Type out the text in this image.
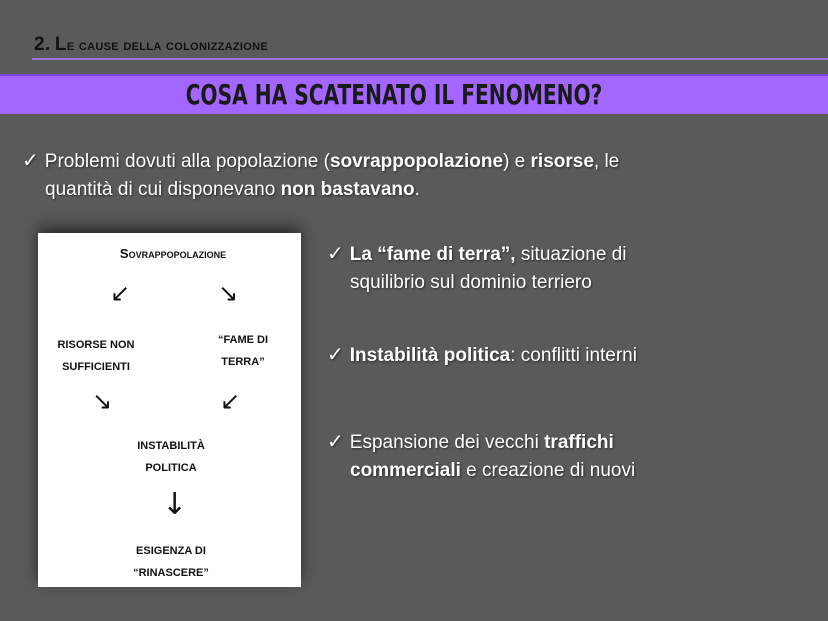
2. Le cause della colonizzazione
COSA HA SCATENATO IL FENOMENO?
✓ Problemi dovuti alla popolazione (sovrappopolazione) e risorse, le
quantità di cui disponevano non bastavano.
Sovrappopolazione
↙	↘
RISORSE NON
SUFFICIENTI
“FAME DI
TERRA”
↘	↙
INSTABILITÀ
POLITICA
↓
ESIGENZA DI
“RINASCERE”
✓ La “fame di terra”, situazione di
squilibrio sul dominio terriero
✓ Instabilità politica: conflitti interni
✓ Espansione dei vecchi traffichi
commerciali e creazione di nuovi
